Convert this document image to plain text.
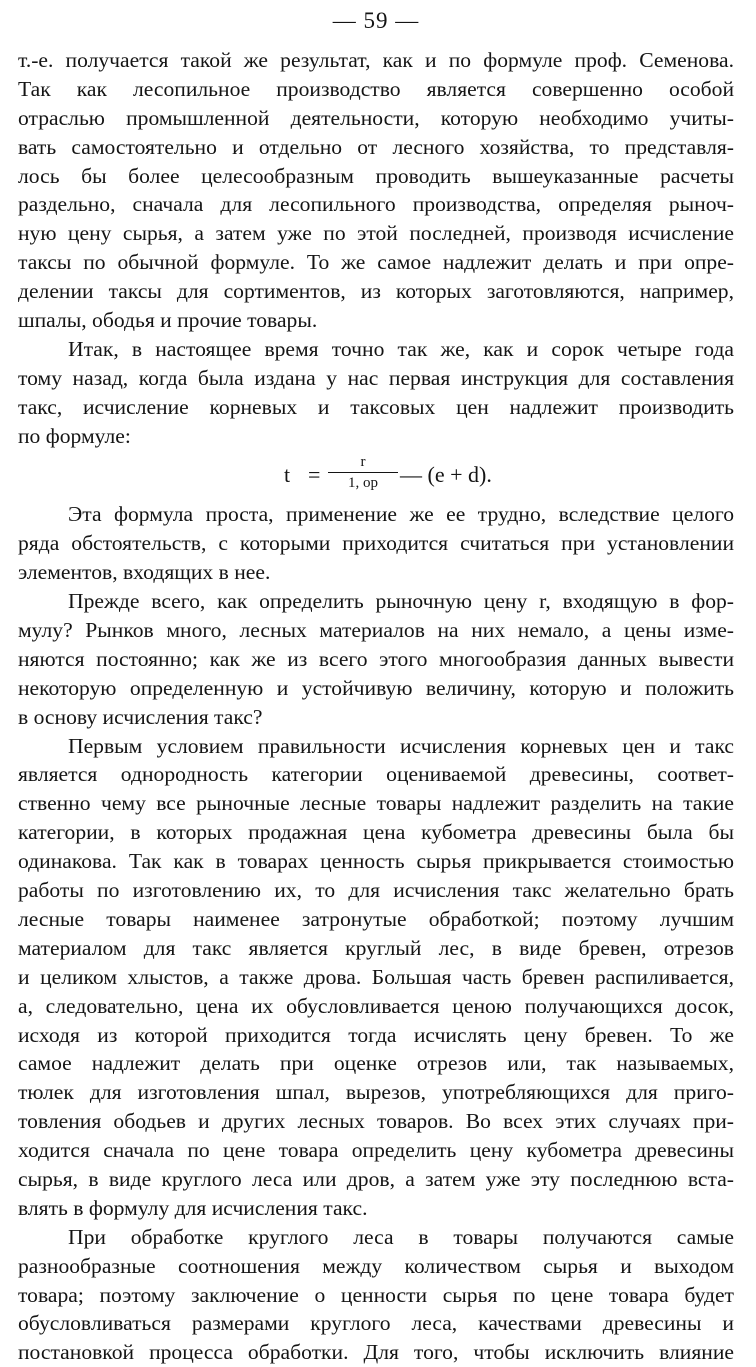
— 59 —
т.-е. получается такой же результат, как и по формуле проф. Семенова.
Так как лесопильное производство является совершенно особой
отраслью промышленной деятельности, которую необходимо учиты-
вать самостоятельно и отдельно от лесного хозяйства, то представля-
лось бы более целесообразным проводить вышеуказанные расчеты
раздельно, сначала для лесопильного производства, определяя рыноч-
ную цену сырья, а затем уже по этой последней, производя исчисление
таксы по обычной формуле. То же самое надлежит делать и при опре-
делении таксы для сортиментов, из которых заготовляются, например,
шпалы, ободья и прочие товары.
Итак, в настоящее время точно так же, как и сорок четыре года
тому назад, когда была издана у нас первая инструкция для составления
такс, исчисление корневых и таксовых цен надлежит производить
по формуле:
$t = \frac{r}{1, op}$ — (e + d).
Эта формула проста, применение же ее трудно, вследствие целого
ряда обстоятельств, с которыми приходится считаться при установлении
элементов, входящих в нее.
Прежде всего, как определить рыночную цену r, входящую в фор-
мулу? Рынков много, лесных материалов на них немало, а цены изме-
няются постоянно; как же из всего этого многообразия данных вывести
некоторую определенную и устойчивую величину, которую и положить
в основу исчисления такс?
Первым условием правильности исчисления корневых цен и такс
является однородность категории оцениваемой древесины, соответ-
ственно чему все рыночные лесные товары надлежит разделить на такие
категории, в которых продажная цена кубометра древесины была бы
одинакова. Так как в товарах ценность сырья прикрывается стоимостью
работы по изготовлению их, то для исчисления такс желательно брать
лесные товары наименее затронутые обработкой; поэтому лучшим
материалом для такс является круглый лес, в виде бревен, отрезов
и целиком хлыстов, а также дрова. Большая часть бревен распиливается,
а, следовательно, цена их обусловливается ценою получающихся досок,
исходя из которой приходится тогда исчислять цену бревен. То же
самое надлежит делать при оценке отрезов или, так называемых,
тюлек для изготовления шпал, вырезов, употребляющихся для приго-
товления ободьев и других лесных товаров. Во всех этих случаях при-
ходится сначала по цене товара определить цену кубометра древесины
сырья, в виде круглого леса или дров, а затем уже эту последнюю вста-
влять в формулу для исчисления такс.
При обработке круглого леса в товары получаются самые
разнообразные соотношения между количеством сырья и выходом
товара; поэтому заключение о ценности сырья по цене товара будет
обусловливаться размерами круглого леса, качествами древесины и
постановкой процесса обработки. Для того, чтобы исключить влияние
